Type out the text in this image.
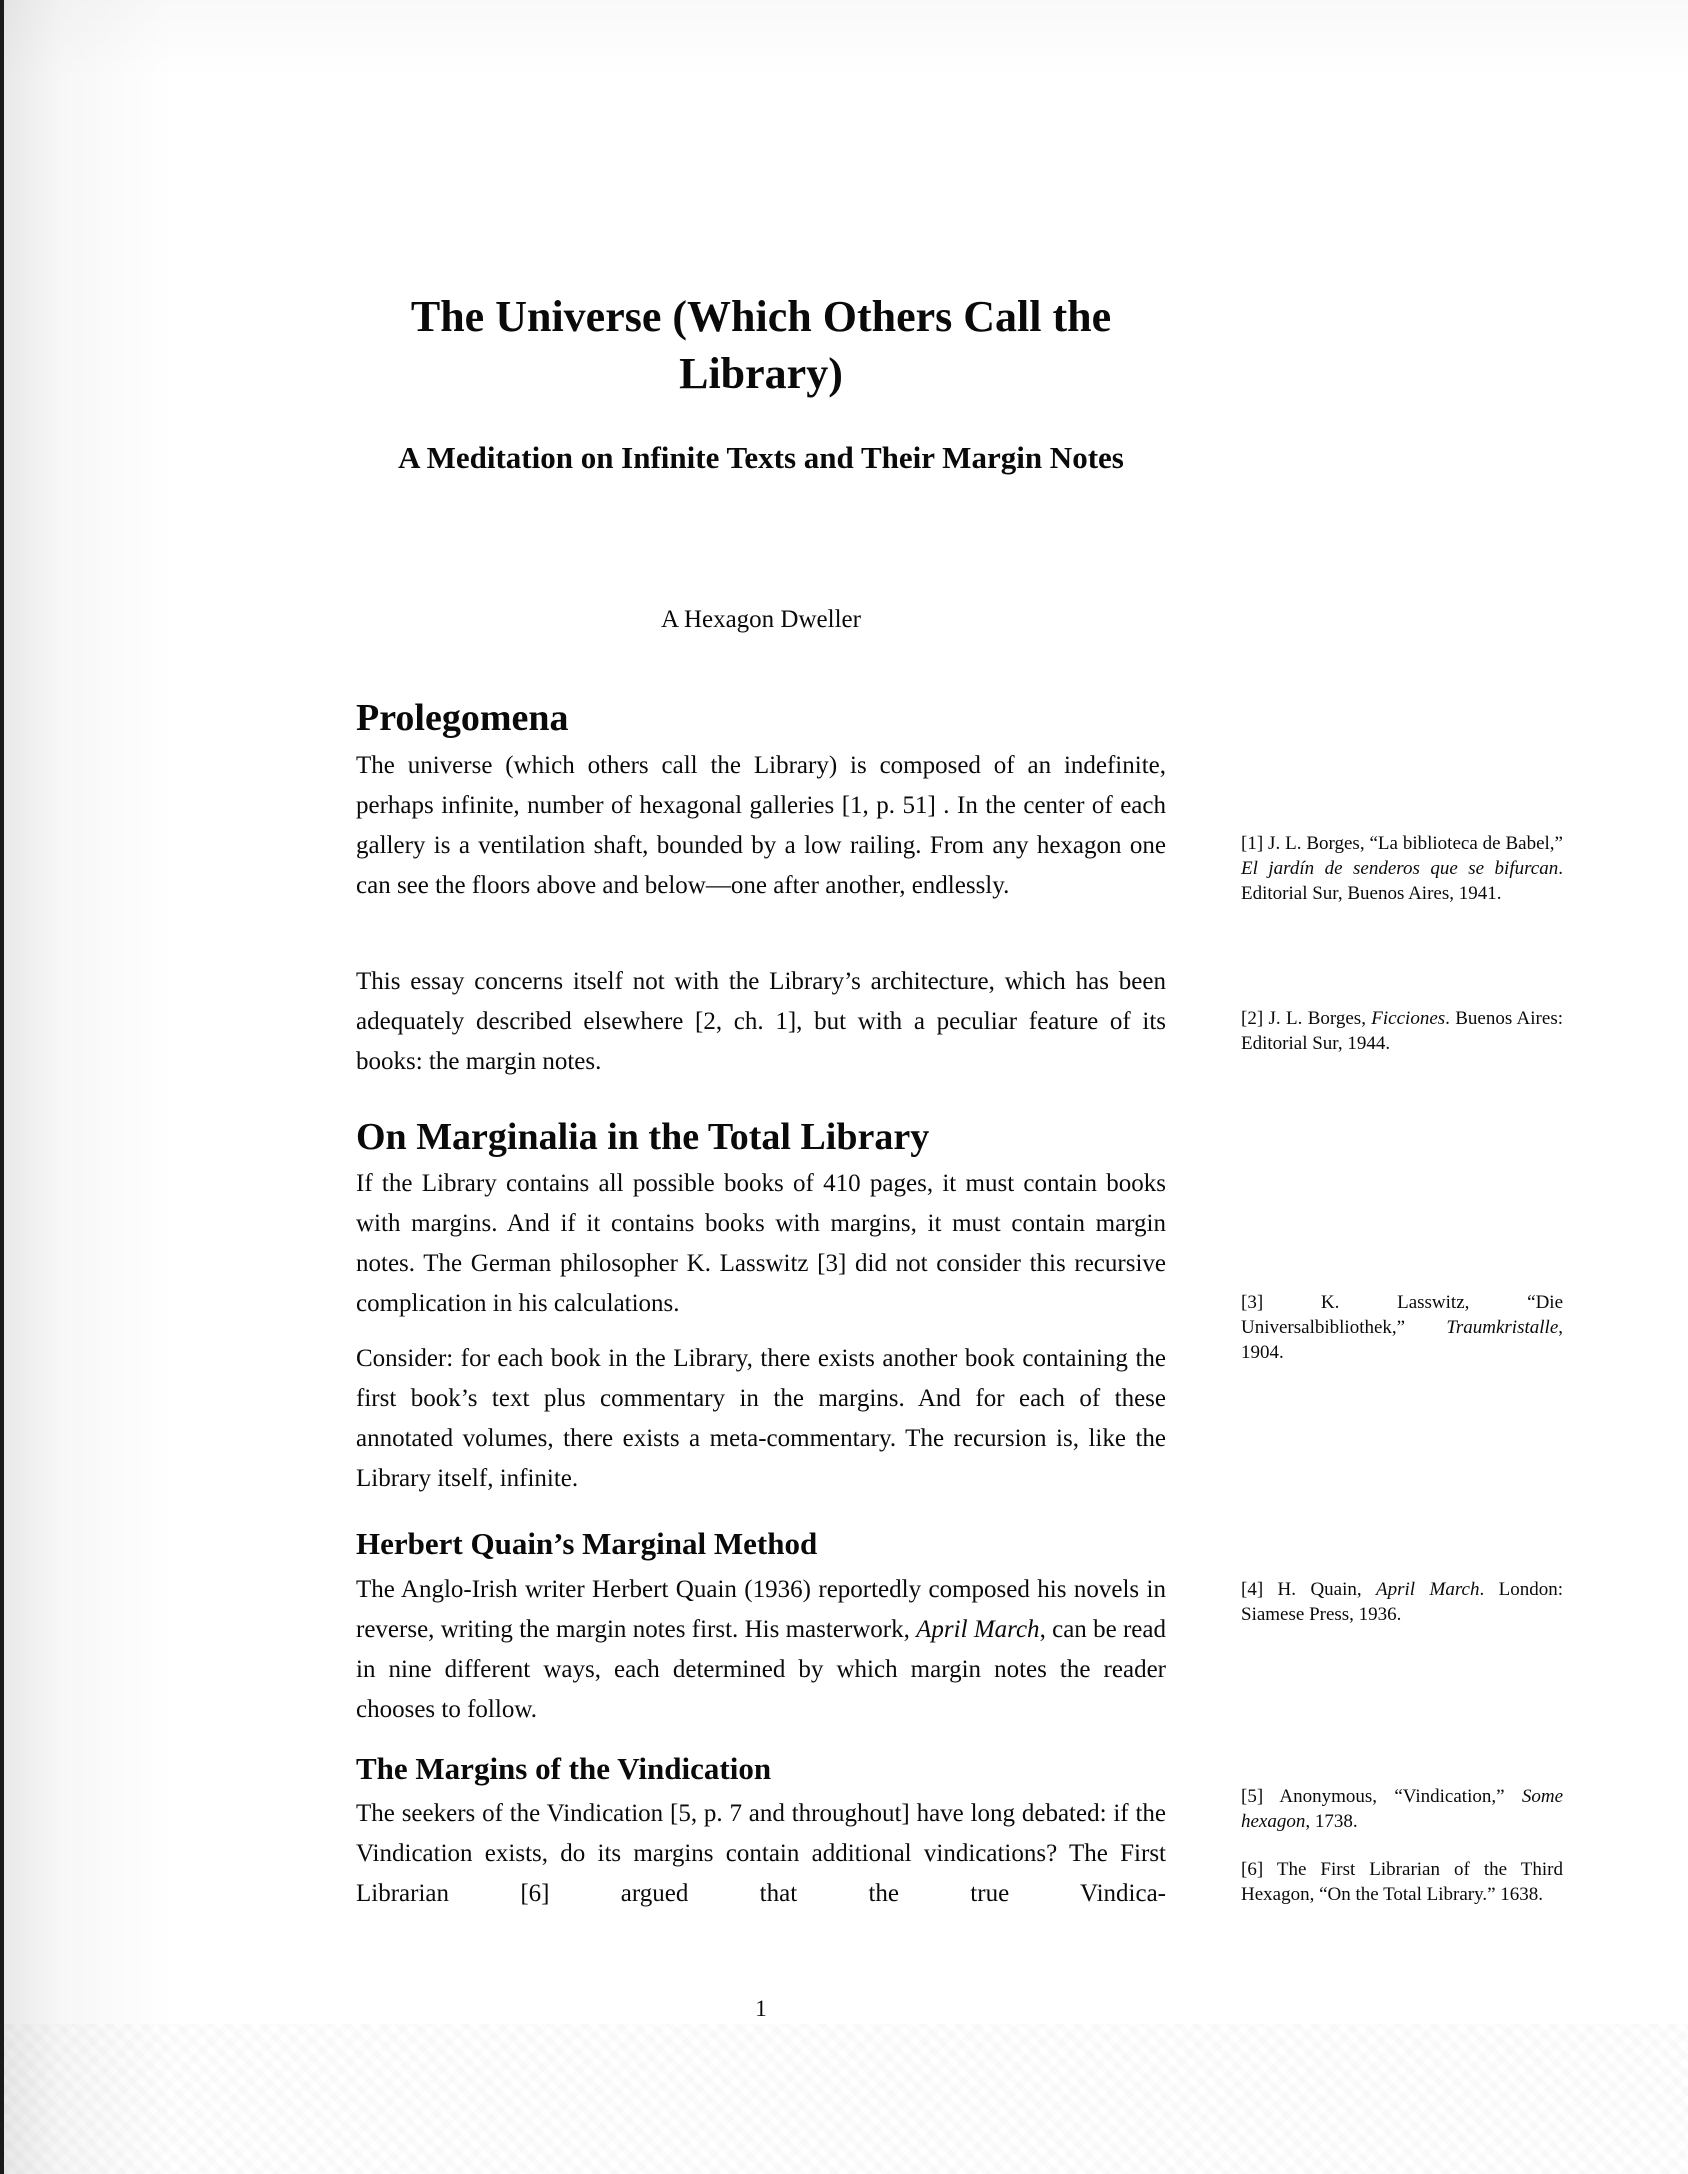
The Universe (Which Others Call the Library)
A Meditation on Infinite Texts and Their Margin Notes
A Hexagon Dweller
Prolegomena

The universe (which others call the Library) is composed of an indefinite, perhaps infinite, number of hexagonal galleries [1, p. 51] . In the center of each gallery is a ventilation shaft, bounded by a low railing. From any hexagon one can see the floors above and below—one after another, endlessly.

This essay concerns itself not with the Library’s architecture, which has been adequately described elsewhere [2, ch. 1], but with a peculiar feature of its books: the margin notes.

On Marginalia in the Total Library

If the Library contains all possible books of 410 pages, it must contain books with margins. And if it contains books with margins, it must contain margin notes. The German philosopher K. Lasswitz [3] did not consider this recursive complication in his calculations.

Consider: for each book in the Library, there exists another book containing the first book’s text plus commentary in the margins. And for each of these annotated volumes, there exists a meta-commentary. The recursion is, like the Library itself, infinite.

Herbert Quain’s Marginal Method

The Anglo-Irish writer Herbert Quain (1936) reportedly composed his novels in reverse, writing the margin notes first. His masterwork, April March, can be read in nine different ways, each determined by which margin notes the reader chooses to follow.

The Margins of the Vindication

The seekers of the Vindication [5, p. 7 and throughout] have long debated: if the Vindication exists, do its margins contain additional vindications? The First Librarian [6] argued that the true Vindica-

[1] J. L. Borges, “La biblioteca de Babel,” El jardín de senderos que se bifurcan. Editorial Sur, Buenos Aires, 1941.
[2] J. L. Borges, Ficciones. Buenos Aires: Editorial Sur, 1944.
[3] K. Lasswitz, “Die Universalbibliothek,” Traumkristalle, 1904.
[4] H. Quain, April March. London: Siamese Press, 1936.
[5] Anonymous, “Vindication,” Some hexagon, 1738.
[6] The First Librarian of the Third Hexagon, “On the Total Library.” 1638.
1
